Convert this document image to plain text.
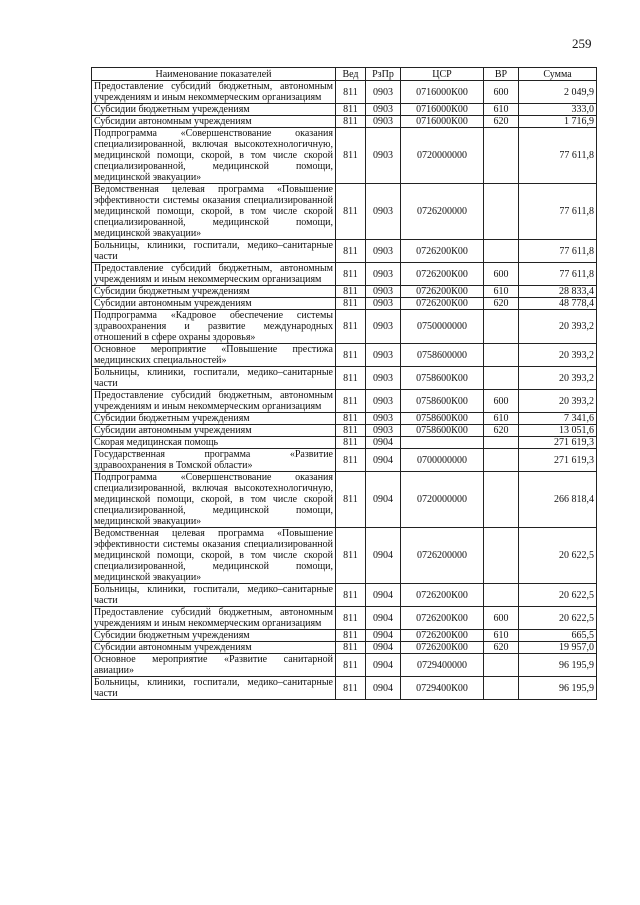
259
Наименование показателей	Вед	РзПр	ЦСР	ВР	Сумма
Предоставление субсидий бюджетным, автономным учреждениям и иным некоммерческим организациям	811	0903	0716000К00	600	2 049,9
Субсидии бюджетным учреждениям	811	0903	0716000К00	610	333,0
Субсидии автономным учреждениям	811	0903	0716000К00	620	1 716,9
Подпрограмма «Совершенствование оказания специализированной, включая высокотехнологичную, медицинской помощи, скорой, в том числе скорой специализированной, медицинской помощи, медицинской эвакуации»	811	0903	0720000000		77 611,8
Ведомственная целевая программа «Повышение эффективности системы оказания специализированной медицинской помощи, скорой, в том числе скорой специализированной, медицинской помощи, медицинской эвакуации»	811	0903	0726200000		77 611,8
Больницы, клиники, госпитали, медико–санитарные части	811	0903	0726200К00		77 611,8
Предоставление субсидий бюджетным, автономным учреждениям и иным некоммерческим организациям	811	0903	0726200К00	600	77 611,8
Субсидии бюджетным учреждениям	811	0903	0726200К00	610	28 833,4
Субсидии автономным учреждениям	811	0903	0726200К00	620	48 778,4
Подпрограмма «Кадровое обеспечение системы здравоохранения и развитие международных отношений в сфере охраны здоровья»	811	0903	0750000000		20 393,2
Основное мероприятие «Повышение престижа медицинских специальностей»	811	0903	0758600000		20 393,2
Больницы, клиники, госпитали, медико–санитарные части	811	0903	0758600К00		20 393,2
Предоставление субсидий бюджетным, автономным учреждениям и иным некоммерческим организациям	811	0903	0758600К00	600	20 393,2
Субсидии бюджетным учреждениям	811	0903	0758600К00	610	7 341,6
Субсидии автономным учреждениям	811	0903	0758600К00	620	13 051,6
Скорая медицинская помощь	811	0904			271 619,3
Государственная программа «Развитие здравоохранения в Томской области»	811	0904	0700000000		271 619,3
Подпрограмма «Совершенствование оказания специализированной, включая высокотехнологичную, медицинской помощи, скорой, в том числе скорой специализированной, медицинской помощи, медицинской эвакуации»	811	0904	0720000000		266 818,4
Ведомственная целевая программа «Повышение эффективности системы оказания специализированной медицинской помощи, скорой, в том числе скорой специализированной, медицинской помощи, медицинской эвакуации»	811	0904	0726200000		20 622,5
Больницы, клиники, госпитали, медико–санитарные части	811	0904	0726200К00		20 622,5
Предоставление субсидий бюджетным, автономным учреждениям и иным некоммерческим организациям	811	0904	0726200К00	600	20 622,5
Субсидии бюджетным учреждениям	811	0904	0726200К00	610	665,5
Субсидии автономным учреждениям	811	0904	0726200К00	620	19 957,0
Основное мероприятие «Развитие санитарной авиации»	811	0904	0729400000		96 195,9
Больницы, клиники, госпитали, медико–санитарные части	811	0904	0729400К00		96 195,9
